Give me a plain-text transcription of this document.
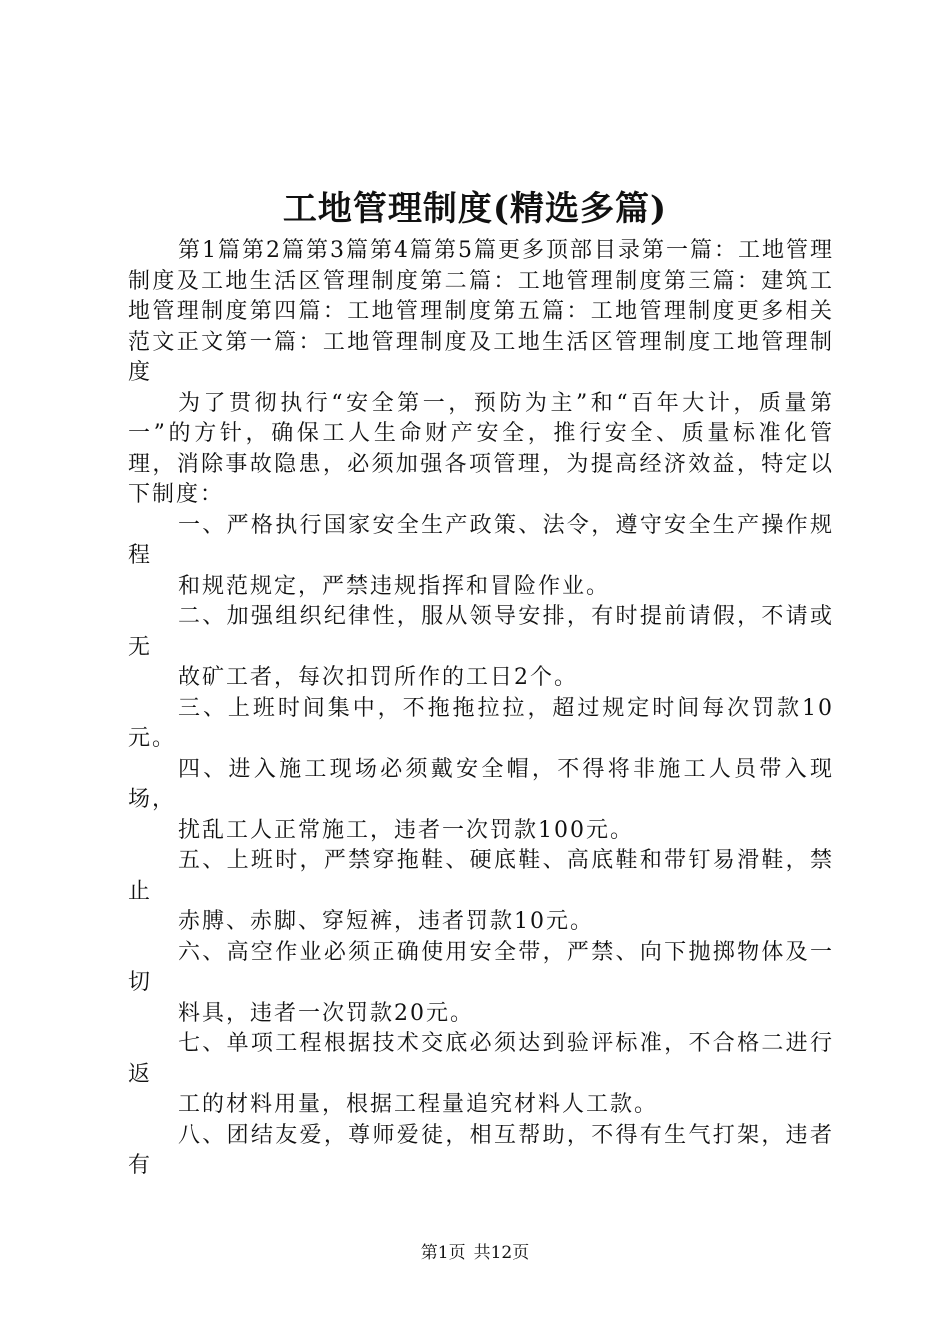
工地管理制度(精选多篇)

第1篇第2篇第3篇第4篇第5篇更多顶部目录第一篇：工地管理制度及工地生活区管理制度第二篇：工地管理制度第三篇：建筑工地管理制度第四篇：工地管理制度第五篇：工地管理制度更多相关范文正文第一篇：工地管理制度及工地生活区管理制度工地管理制度

为了贯彻执行“安全第一，预防为主”和“百年大计，质量第一”的方针，确保工人生命财产安全，推行安全、质量标准化管理，消除事故隐患，必须加强各项管理，为提高经济效益，特定以下制度：

一、严格执行国家安全生产政策、法令，遵守安全生产操作规程

和规范规定，严禁违规指挥和冒险作业。

二、加强组织纪律性，服从领导安排，有时提前请假，不请或无

故矿工者，每次扣罚所作的工日2个。

三、上班时间集中，不拖拖拉拉，超过规定时间每次罚款10元。

四、进入施工现场必须戴安全帽，不得将非施工人员带入现场，

扰乱工人正常施工，违者一次罚款100元。

五、上班时，严禁穿拖鞋、硬底鞋、高底鞋和带钉易滑鞋，禁止

赤膊、赤脚、穿短裤，违者罚款10元。

六、高空作业必须正确使用安全带，严禁、向下抛掷物体及一切

料具，违者一次罚款20元。

七、单项工程根据技术交底必须达到验评标准，不合格二进行返

工的材料用量，根据工程量追究材料人工款。

八、团结友爱，尊师爱徒，相互帮助，不得有生气打架，违者有

第1页 共12页
